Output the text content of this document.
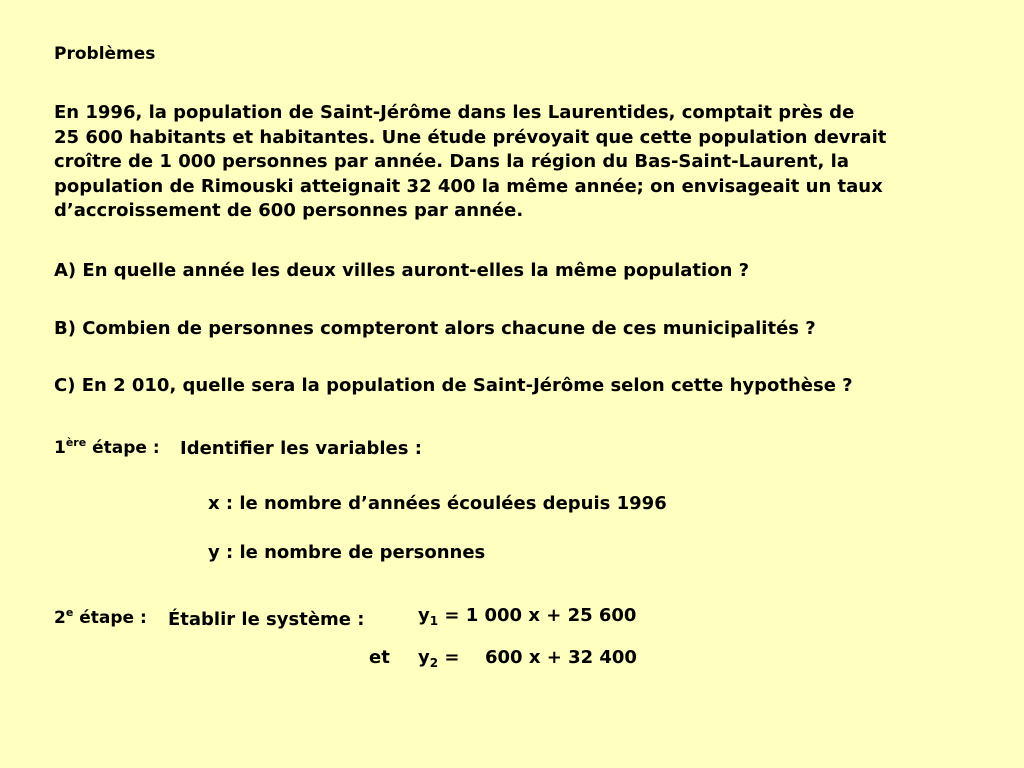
Problèmes
En 1996, la population de Saint-Jérôme dans les Laurentides, comptait près de
25 600 habitants et habitantes. Une étude prévoyait que cette population devrait
croître de 1 000 personnes par année. Dans la région du Bas-Saint-Laurent, la
population de Rimouski atteignait 32 400 la même année; on envisageait un taux
d’accroissement de 600 personnes par année.
A) En quelle année les deux villes auront-elles la même population ?
B) Combien de personnes compteront alors chacune de ces municipalités ?
C) En 2 010, quelle sera la population de Saint-Jérôme selon cette hypothèse ?
1ère étape : Identifier les variables :
x : le nombre d’années écoulées depuis 1996
y : le nombre de personnes
2e étape : Établir le système :	$y_1 = 1$ 000 x + 25 600
et $y_2 = 600$ x + 32 400
